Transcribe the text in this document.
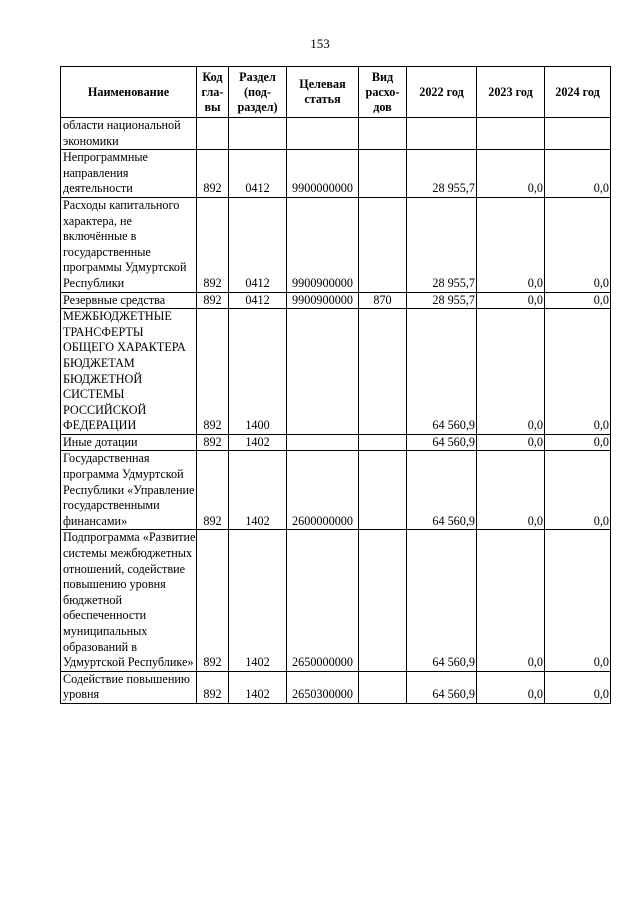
153
Наименование	Код гла-вы	Раздел (под-раздел)	Целевая статья	Вид расхо-дов	2022 год	2023 год	2024 год
области национальной экономики							
Непрограммные направления деятельности	892	0412	9900000000		28 955,7	0,0	0,0
Расходы капитального характера, не включённые в государственные программы Удмуртской Республики	892	0412	9900900000		28 955,7	0,0	0,0
Резервные средства	892	0412	9900900000	870	28 955,7	0,0	0,0
МЕЖБЮДЖЕТНЫЕ ТРАНСФЕРТЫ ОБЩЕГО ХАРАКТЕРА БЮДЖЕТАМ БЮДЖЕТНОЙ СИСТЕМЫ РОССИЙСКОЙ ФЕДЕРАЦИИ	892	1400			64 560,9	0,0	0,0
Иные дотации	892	1402			64 560,9	0,0	0,0
Государственная программа Удмуртской Республики «Управление государственными финансами»	892	1402	2600000000		64 560,9	0,0	0,0
Подпрограмма «Развитие системы межбюджетных отношений, содействие повышению уровня бюджетной обеспеченности муниципальных образований в Удмуртской Республике»	892	1402	2650000000		64 560,9	0,0	0,0
Содействие повышению уровня	892	1402	2650300000		64 560,9	0,0	0,0
